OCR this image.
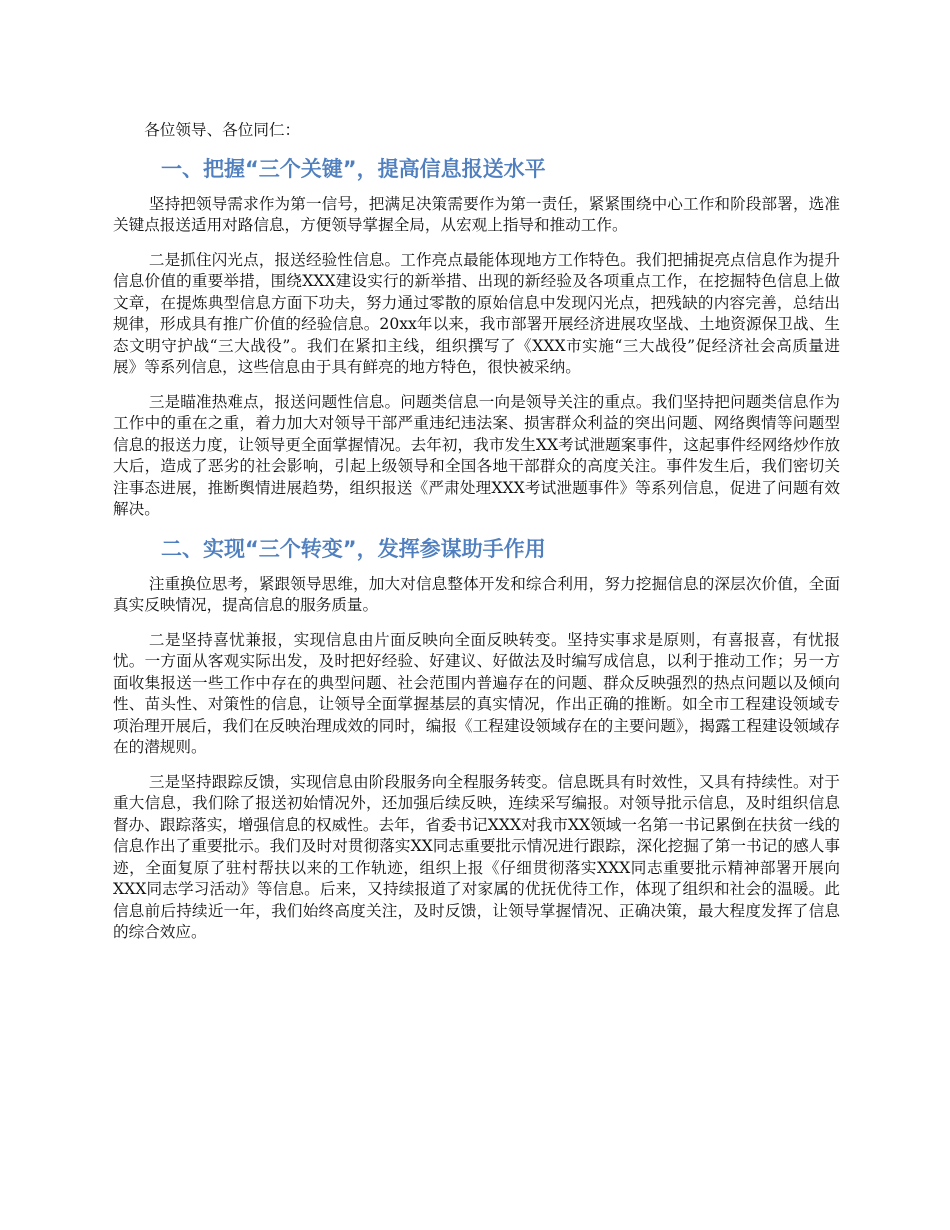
各位领导、各位同仁：

一、把握“三个关键”，提高信息报送水平

坚持把领导需求作为第一信号，把满足决策需要作为第一责任，紧紧围绕中心工作和阶段部署，选准关键点报送适用对路信息，方便领导掌握全局，从宏观上指导和推动工作。

二是抓住闪光点，报送经验性信息。工作亮点最能体现地方工作特色。我们把捕捉亮点信息作为提升信息价值的重要举措，围绕XXX建设实行的新举措、出现的新经验及各项重点工作，在挖掘特色信息上做文章，在提炼典型信息方面下功夫，努力通过零散的原始信息中发现闪光点，把残缺的内容完善，总结出规律，形成具有推广价值的经验信息。20xx年以来，我市部署开展经济进展攻坚战、土地资源保卫战、生态文明守护战“三大战役”。我们在紧扣主线，组织撰写了《XXX市实施“三大战役”促经济社会高质量进展》等系列信息，这些信息由于具有鲜亮的地方特色，很快被采纳。

三是瞄准热难点，报送问题性信息。问题类信息一向是领导关注的重点。我们坚持把问题类信息作为工作中的重在之重，着力加大对领导干部严重违纪违法案、损害群众利益的突出问题、网络舆情等问题型信息的报送力度，让领导更全面掌握情况。去年初，我市发生XX考试泄题案事件，这起事件经网络炒作放大后，造成了恶劣的社会影响，引起上级领导和全国各地干部群众的高度关注。事件发生后，我们密切关注事态进展，推断舆情进展趋势，组织报送《严肃处理XXX考试泄题事件》等系列信息，促进了问题有效解决。

二、实现“三个转变”，发挥参谋助手作用

注重换位思考，紧跟领导思维，加大对信息整体开发和综合利用，努力挖掘信息的深层次价值，全面真实反映情况，提高信息的服务质量。

二是坚持喜忧兼报，实现信息由片面反映向全面反映转变。坚持实事求是原则，有喜报喜，有忧报忧。一方面从客观实际出发，及时把好经验、好建议、好做法及时编写成信息，以利于推动工作；另一方面收集报送一些工作中存在的典型问题、社会范围内普遍存在的问题、群众反映强烈的热点问题以及倾向性、苗头性、对策性的信息，让领导全面掌握基层的真实情况，作出正确的推断。如全市工程建设领域专项治理开展后，我们在反映治理成效的同时，编报《工程建设领域存在的主要问题》，揭露工程建设领域存在的潜规则。

三是坚持跟踪反馈，实现信息由阶段服务向全程服务转变。信息既具有时效性，又具有持续性。对于重大信息，我们除了报送初始情况外，还加强后续反映，连续采写编报。对领导批示信息，及时组织信息督办、跟踪落实，增强信息的权威性。去年，省委书记XXX对我市XX领域一名第一书记累倒在扶贫一线的信息作出了重要批示。我们及时对贯彻落实XX同志重要批示情况进行跟踪，深化挖掘了第一书记的感人事迹，全面复原了驻村帮扶以来的工作轨迹，组织上报《仔细贯彻落实XXX同志重要批示精神部署开展向XXX同志学习活动》等信息。后来，又持续报道了对家属的优抚优待工作，体现了组织和社会的温暖。此信息前后持续近一年，我们始终高度关注，及时反馈，让领导掌握情况、正确决策，最大程度发挥了信息的综合效应。
